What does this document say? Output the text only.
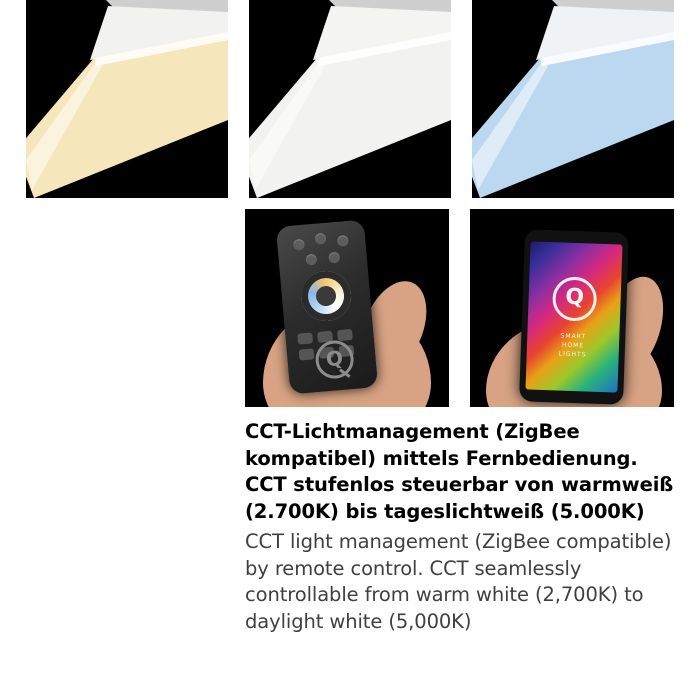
Q
Q
SMART
HOME
LIGHTS

CCT-Lichtmanagement (ZigBee kompatibel) mittels Fernbedienung. CCT stufenlos steuerbar von warmweiß (2.700K) bis tageslichtweiß (5.000K)

CCT light management (ZigBee compatible) by remote control. CCT seamlessly controllable from warm white (2,700K) to daylight white (5,000K)
